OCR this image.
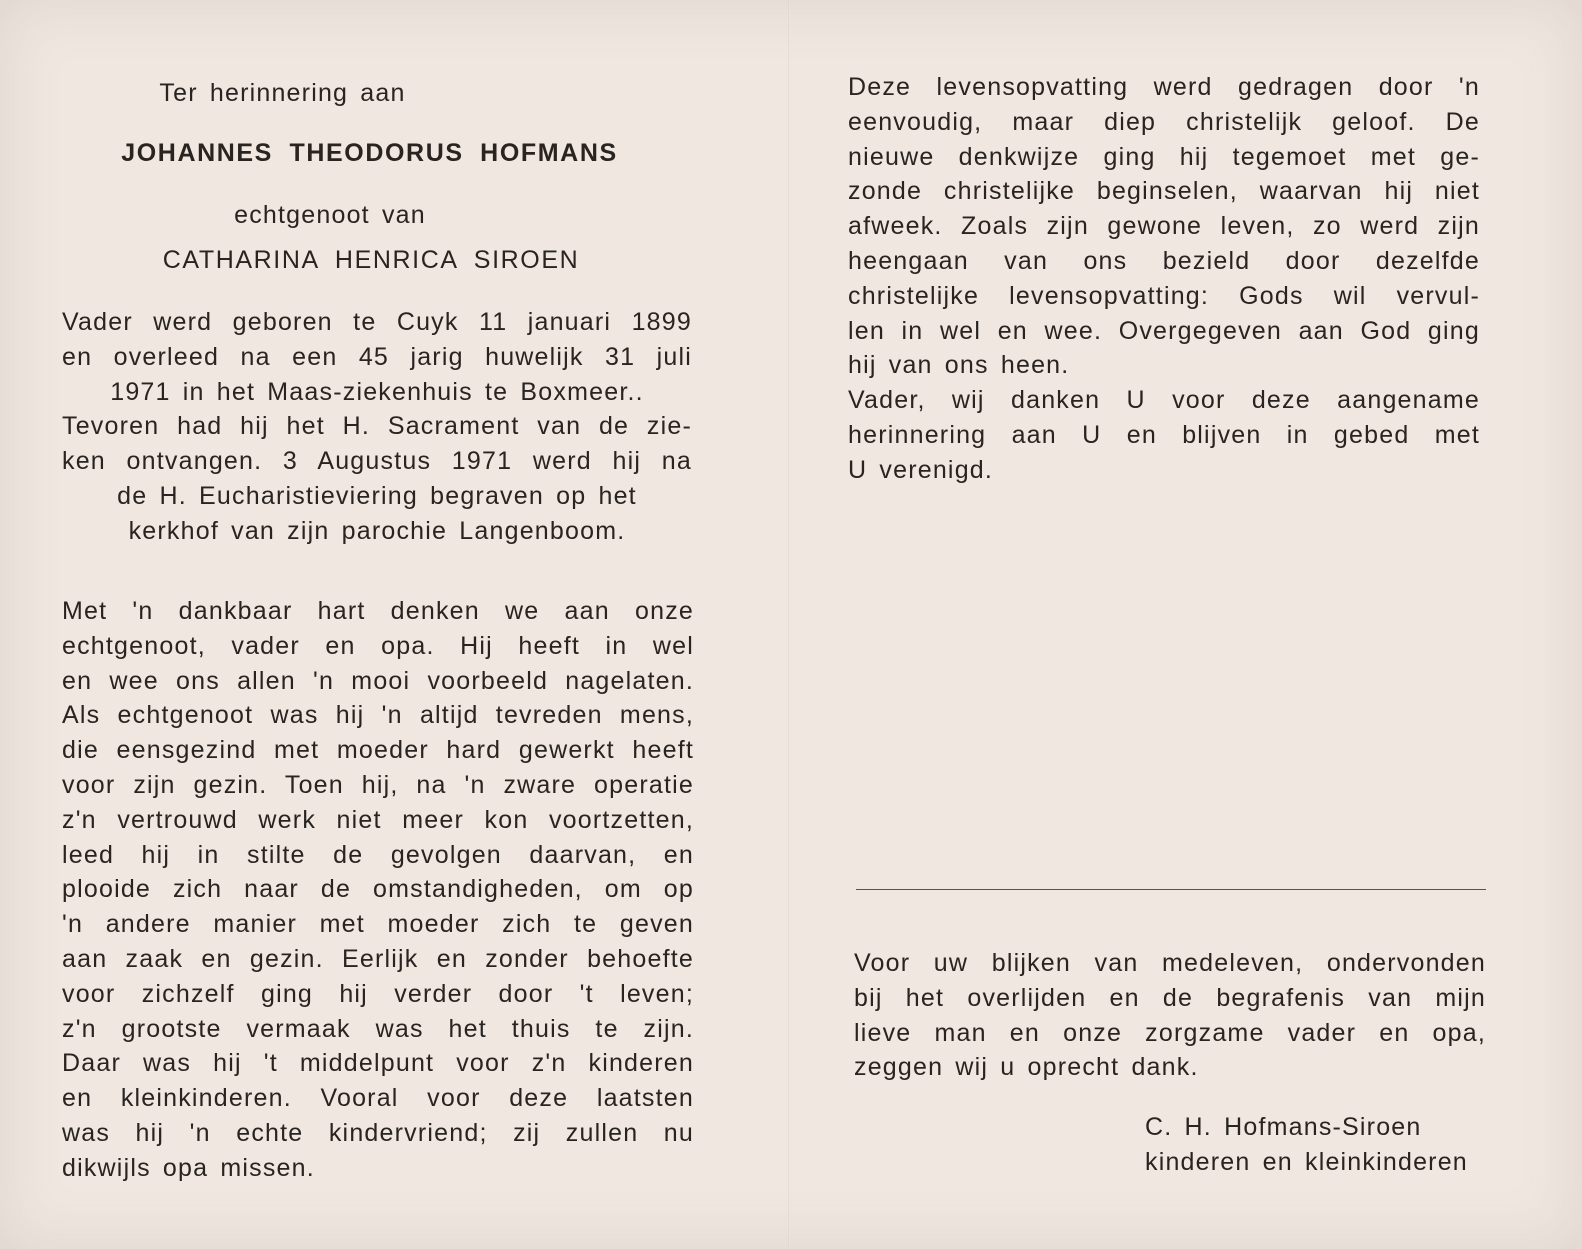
Ter herinnering aan
JOHANNES THEODORUS HOFMANS
echtgenoot van
CATHARINA HENRICA SIROEN
Vader werd geboren te Cuyk 11 januari 1899
en overleed na een 45 jarig huwelijk 31 juli
1971 in het Maas-ziekenhuis te Boxmeer..
Tevoren had hij het H. Sacrament van de zie-
ken ontvangen. 3 Augustus 1971 werd hij na
de H. Eucharistieviering begraven op het
kerkhof van zijn parochie Langenboom.
Met 'n dankbaar hart denken we aan onze
echtgenoot, vader en opa. Hij heeft in wel
en wee ons allen 'n mooi voorbeeld nagelaten.
Als echtgenoot was hij 'n altijd tevreden mens,
die eensgezind met moeder hard gewerkt heeft
voor zijn gezin. Toen hij, na 'n zware operatie
z'n vertrouwd werk niet meer kon voortzetten,
leed hij in stilte de gevolgen daarvan, en
plooide zich naar de omstandigheden, om op
'n andere manier met moeder zich te geven
aan zaak en gezin. Eerlijk en zonder behoefte
voor zichzelf ging hij verder door 't leven;
z'n grootste vermaak was het thuis te zijn.
Daar was hij 't middelpunt voor z'n kinderen
en kleinkinderen. Vooral voor deze laatsten
was hij 'n echte kindervriend; zij zullen nu
dikwijls opa missen.
Deze levensopvatting werd gedragen door 'n
eenvoudig, maar diep christelijk geloof. De
nieuwe denkwijze ging hij tegemoet met ge-
zonde christelijke beginselen, waarvan hij niet
afweek. Zoals zijn gewone leven, zo werd zijn
heengaan van ons bezield door dezelfde
christelijke levensopvatting: Gods wil vervul-
len in wel en wee. Overgegeven aan God ging
hij van ons heen.
Vader, wij danken U voor deze aangename
herinnering aan U en blijven in gebed met
U verenigd.
Voor uw blijken van medeleven, ondervonden
bij het overlijden en de begrafenis van mijn
lieve man en onze zorgzame vader en opa,
zeggen wij u oprecht dank.
C. H. Hofmans-Siroen
kinderen en kleinkinderen
